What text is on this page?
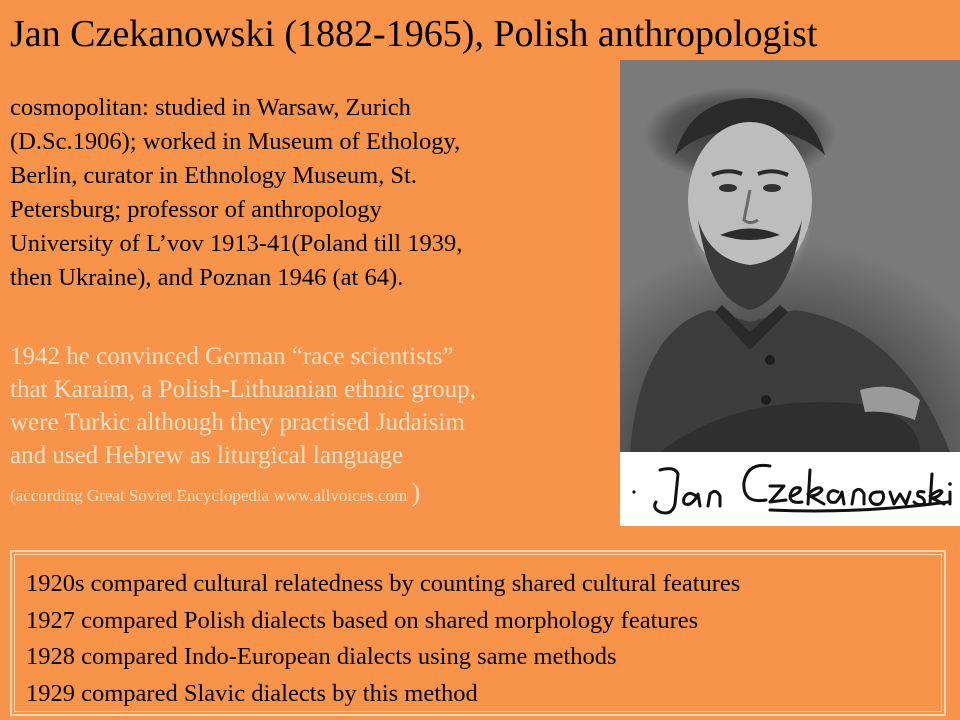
Jan Czekanowski (1882-1965), Polish anthropologist

cosmopolitan: studied in Warsaw, Zurich
(D.Sc.1906); worked in Museum of Ethology,
Berlin, curator in Ethnology Museum, St.
Petersburg; professor of anthropology
University of L’vov 1913-41(Poland till 1939,
then Ukraine), and Poznan 1946 (at 64).

1942 he convinced German “race scientists”
that Karaim, a Polish-Lithuanian ethnic group,
were Turkic although they practised Judaisim
and used Hebrew as liturgical language
(according Great Soviet Encyclopedia www.allvoices.com )

1920s compared cultural relatedness by counting shared cultural features
1927 compared Polish dialects based on shared morphology features
1928 compared Indo-European dialects using same methods
1929 compared Slavic dialects by this method
